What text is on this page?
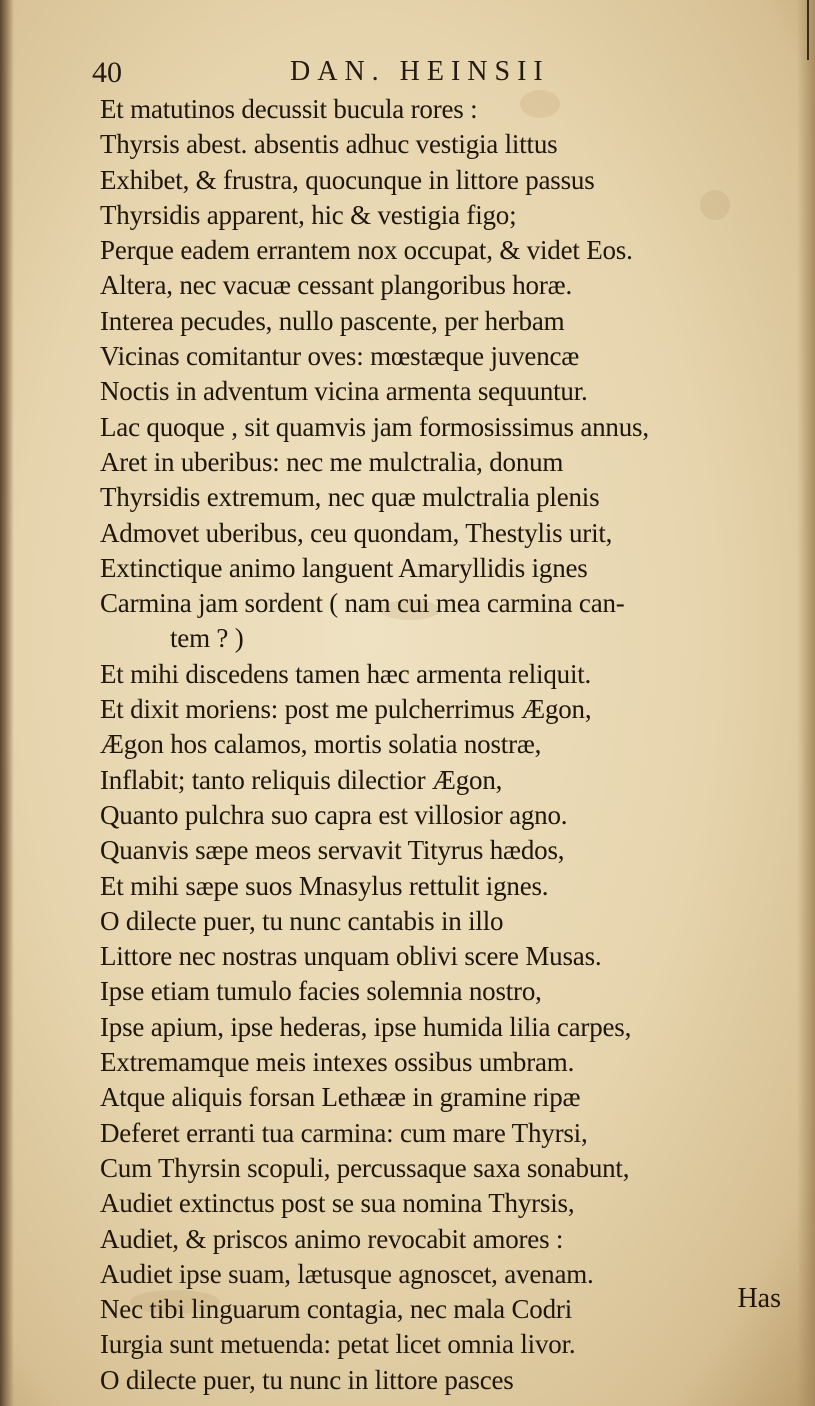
40	DAN. HEINSII
Et matutinos decussit bucula rores :
Thyrsis abest. absentis adhuc vestigia littus
Exhibet, & frustra, quocunque in littore passus
Thyrsidis apparent, hic & vestigia figo;
Perque eadem errantem nox occupat, & videt Eos.
Altera, nec vacuæ cessant plangoribus horæ.
Interea pecudes, nullo pascente, per herbam
Vicinas comitantur oves: mœstæque juvencæ
Noctis in adventum vicina armenta sequuntur.
Lac quoque , sit quamvis jam formosissimus annus,
Aret in uberibus: nec me mulctralia, donum
Thyrsidis extremum, nec quæ mulctralia plenis
Admovet uberibus, ceu quondam, Thestylis urit,
Extinctique animo languent Amaryllidis ignes
Carmina jam sordent ( nam cui mea carmina can-
tem ? )
Et mihi discedens tamen hæc armenta reliquit.
Et dixit moriens: post me pulcherrimus Ægon,
Ægon hos calamos, mortis solatia nostræ,
Inflabit; tanto reliquis dilectior Ægon,
Quanto pulchra suo capra est villosior agno.
Quanvis sæpe meos servavit Tityrus hædos,
Et mihi sæpe suos Mnasylus rettulit ignes.
O dilecte puer, tu nunc cantabis in illo
Littore nec nostras unquam oblivi scere Musas.
Ipse etiam tumulo facies solemnia nostro,
Ipse apium, ipse hederas, ipse humida lilia carpes,
Extremamque meis intexes ossibus umbram.
Atque aliquis forsan Lethææ in gramine ripæ
Deferet erranti tua carmina: cum mare Thyrsi,
Cum Thyrsin scopuli, percussaque saxa sonabunt,
Audiet extinctus post se sua nomina Thyrsis,
Audiet, & priscos animo revocabit amores :
Audiet ipse suam, lætusque agnoscet, avenam.
Nec tibi linguarum contagia, nec mala Codri
Iurgia sunt metuenda: petat licet omnia livor.
O dilecte puer, tu nunc in littore pasces
Has
